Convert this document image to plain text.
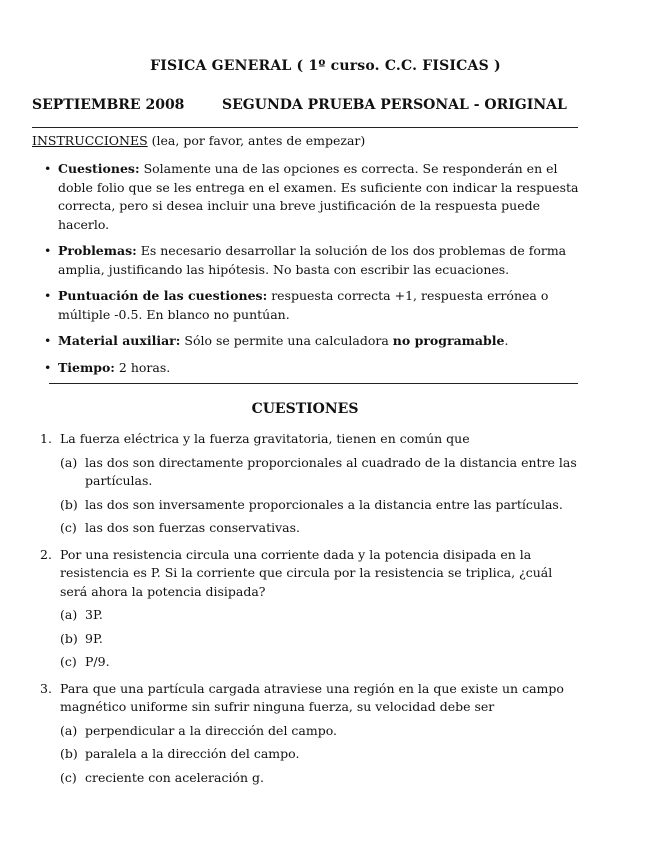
FISICA GENERAL ( 1º curso. C.C. FISICAS )
SEPTIEMBRE 2008	SEGUNDA PRUEBA PERSONAL - ORIGINAL
INSTRUCCIONES (lea, por favor, antes de empezar)
• Cuestiones: Solamente una de las opciones es correcta. Se responderán en el doble folio que se les entrega en el examen. Es suficiente con indicar la respuesta correcta, pero si desea incluir una breve justificación de la respuesta puede hacerlo.
• Problemas: Es necesario desarrollar la solución de los dos problemas de forma amplia, justificando las hipótesis. No basta con escribir las ecuaciones.
• Puntuación de las cuestiones: respuesta correcta +1, respuesta errónea o múltiple -0.5. En blanco no puntúan.
• Material auxiliar: Sólo se permite una calculadora no programable.
• Tiempo: 2 horas.
CUESTIONES
1. La fuerza eléctrica y la fuerza gravitatoria, tienen en común que
(a) las dos son directamente proporcionales al cuadrado de la distancia entre las partículas.
(b) las dos son inversamente proporcionales a la distancia entre las partículas.
(c) las dos son fuerzas conservativas.
2. Por una resistencia circula una corriente dada y la potencia disipada en la resistencia es P. Si la corriente que circula por la resistencia se triplica, ¿cuál será ahora la potencia disipada?
(a) 3P.
(b) 9P.
(c) P/9.
3. Para que una partícula cargada atraviese una región en la que existe un campo magnético uniforme sin sufrir ninguna fuerza, su velocidad debe ser
(a) perpendicular a la dirección del campo.
(b) paralela a la dirección del campo.
(c) creciente con aceleración g.
